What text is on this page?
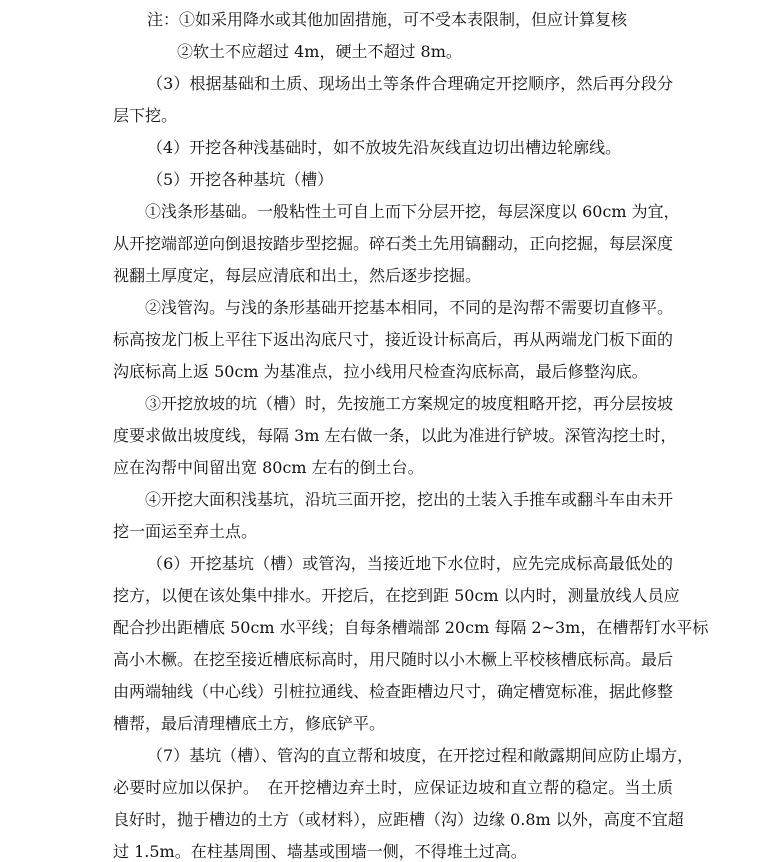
注：①如采用降水或其他加固措施，可不受本表限制，但应计算复核
②软土不应超过 4m，硬土不超过 8m。
（3）根据基础和土质、现场出土等条件合理确定开挖顺序，然后再分段分
层下挖。
（4）开挖各种浅基础时，如不放坡先沿灰线直边切出槽边轮廓线。
（5）开挖各种基坑（槽）
①浅条形基础。一般粘性土可自上而下分层开挖，每层深度以 60cm 为宜，
从开挖端部逆向倒退按踏步型挖掘。碎石类土先用镐翻动，正向挖掘，每层深度
视翻土厚度定，每层应清底和出土，然后逐步挖掘。
②浅管沟。与浅的条形基础开挖基本相同，不同的是沟帮不需要切直修平。
标高按龙门板上平往下返出沟底尺寸，接近设计标高后，再从两端龙门板下面的
沟底标高上返 50cm 为基准点，拉小线用尺检查沟底标高，最后修整沟底。
③开挖放坡的坑（槽）时，先按施工方案规定的坡度粗略开挖，再分层按坡
度要求做出坡度线，每隔 3m 左右做一条，以此为准进行铲坡。深管沟挖土时，
应在沟帮中间留出宽 80cm 左右的倒土台。
④开挖大面积浅基坑，沿坑三面开挖，挖出的土装入手推车或翻斗车由未开
挖一面运至弃土点。
（6）开挖基坑（槽）或管沟，当接近地下水位时，应先完成标高最低处的
挖方，以便在该处集中排水。开挖后，在挖到距 50cm 以内时，测量放线人员应
配合抄出距槽底 50cm 水平线；自每条槽端部 20cm 每隔 2~3m，在槽帮钉水平标
高小木橛。在挖至接近槽底标高时，用尺随时以小木橛上平校核槽底标高。最后
由两端轴线（中心线）引桩拉通线、检查距槽边尺寸，确定槽宽标准，据此修整
槽帮，最后清理槽底土方，修底铲平。
（7）基坑（槽）、管沟的直立帮和坡度，在开挖过程和敞露期间应防止塌方，
必要时应加以保护。　在开挖槽边弃土时，应保证边坡和直立帮的稳定。当土质
良好时，抛于槽边的土方（或材料），应距槽（沟）边缘 0.8m 以外，高度不宜超
过 1.5m。在柱基周围、墙基或围墙一侧，不得堆土过高。
